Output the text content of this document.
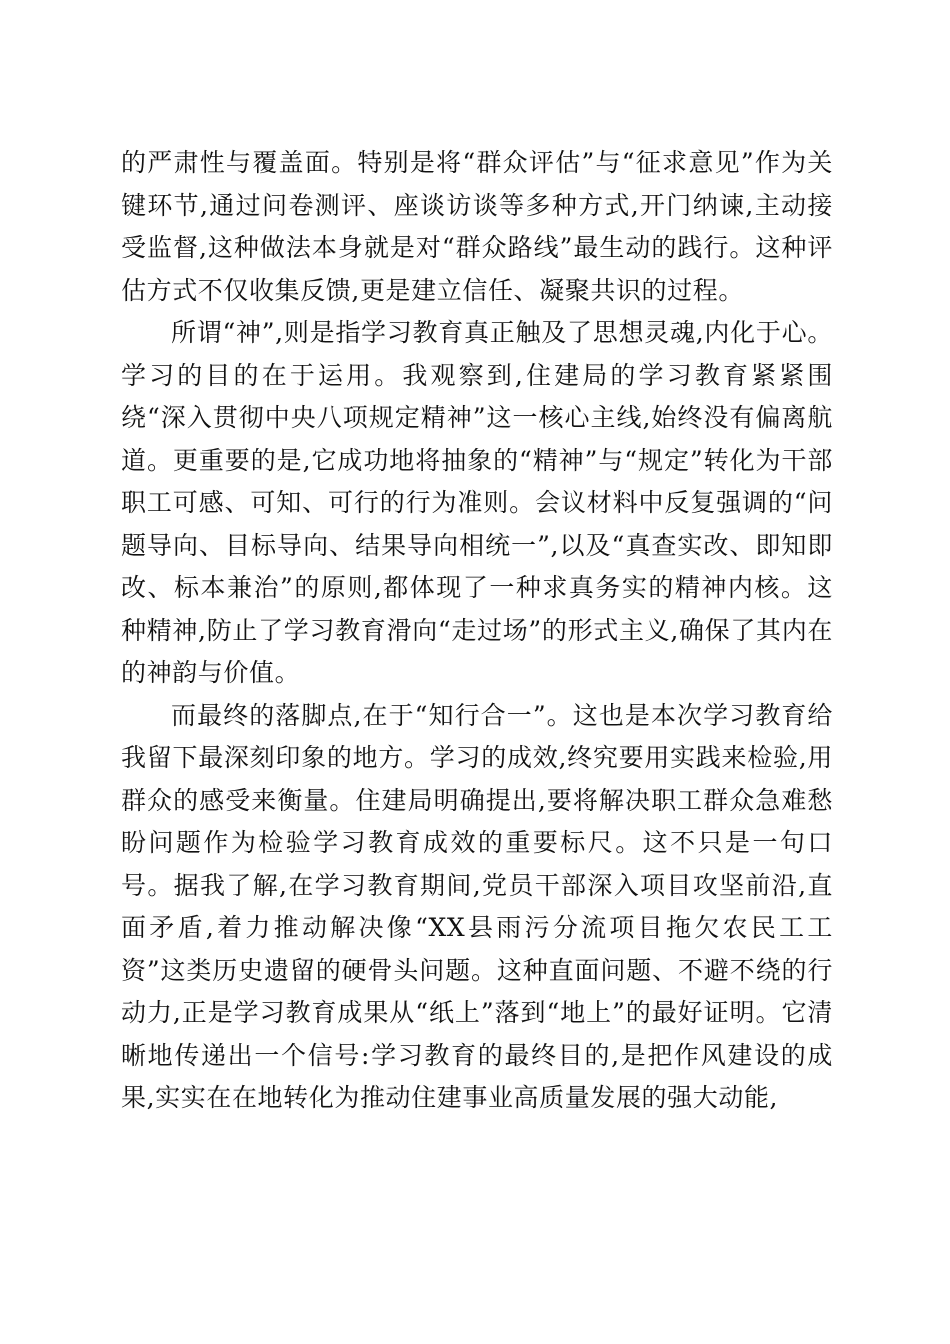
的严肃性与覆盖面。特别是将“群众评估”与“征求意见”作为关键环节,通过问卷测评、座谈访谈等多种方式,开门纳谏,主动接受监督,这种做法本身就是对“群众路线”最生动的践行。这种评估方式不仅收集反馈,更是建立信任、凝聚共识的过程。

所谓“神”,则是指学习教育真正触及了思想灵魂,内化于心。学习的目的在于运用。我观察到,住建局的学习教育紧紧围绕“深入贯彻中央八项规定精神”这一核心主线,始终没有偏离航道。更重要的是,它成功地将抽象的“精神”与“规定”转化为干部职工可感、可知、可行的行为准则。会议材料中反复强调的“问题导向、目标导向、结果导向相统一”,以及“真查实改、即知即改、标本兼治”的原则,都体现了一种求真务实的精神内核。这种精神,防止了学习教育滑向“走过场”的形式主义,确保了其内在的神韵与价值。

而最终的落脚点,在于“知行合一”。这也是本次学习教育给我留下最深刻印象的地方。学习的成效,终究要用实践来检验,用群众的感受来衡量。住建局明确提出,要将解决职工群众急难愁盼问题作为检验学习教育成效的重要标尺。这不只是一句口号。据我了解,在学习教育期间,党员干部深入项目攻坚前沿,直面矛盾,着力推动解决像“XX县雨污分流项目拖欠农民工工资”这类历史遗留的硬骨头问题。这种直面问题、不避不绕的行动力,正是学习教育成果从“纸上”落到“地上”的最好证明。它清晰地传递出一个信号:学习教育的最终目的,是把作风建设的成果,实实在在地转化为推动住建事业高质量发展的强大动能,
